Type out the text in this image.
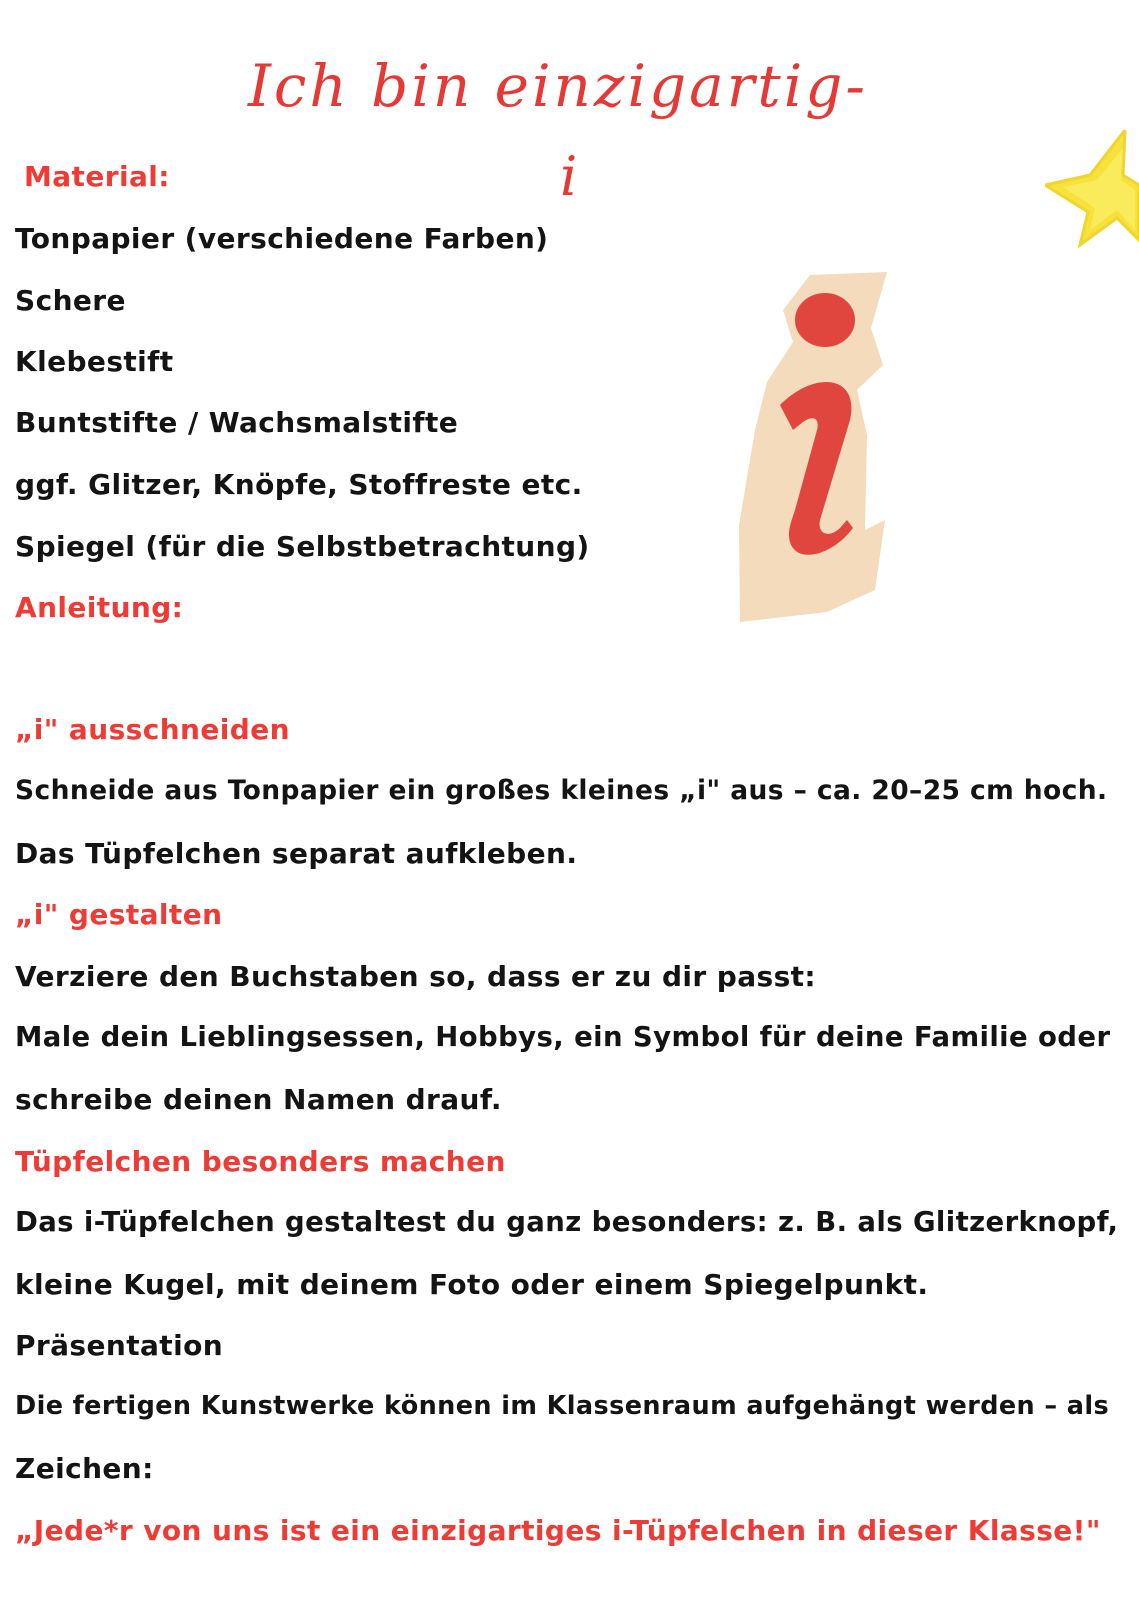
Ich bin einzigartig-
i
Material:
Tonpapier (verschiedene Farben)
Schere
Klebestift
Buntstifte / Wachsmalstifte
ggf. Glitzer, Knöpfe, Stoffreste etc.
Spiegel (für die Selbstbetrachtung)
Anleitung:
„i" ausschneiden
Schneide aus Tonpapier ein großes kleines „i" aus – ca. 20–25 cm hoch.
Das Tüpfelchen separat aufkleben.
„i" gestalten
Verziere den Buchstaben so, dass er zu dir passt:
Male dein Lieblingsessen, Hobbys, ein Symbol für deine Familie oder
schreibe deinen Namen drauf.
Tüpfelchen besonders machen
Das i-Tüpfelchen gestaltest du ganz besonders: z. B. als Glitzerknopf,
kleine Kugel, mit deinem Foto oder einem Spiegelpunkt.
Präsentation
Die fertigen Kunstwerke können im Klassenraum aufgehängt werden – als
Zeichen:
„Jede*r von uns ist ein einzigartiges i-Tüpfelchen in dieser Klasse!"
